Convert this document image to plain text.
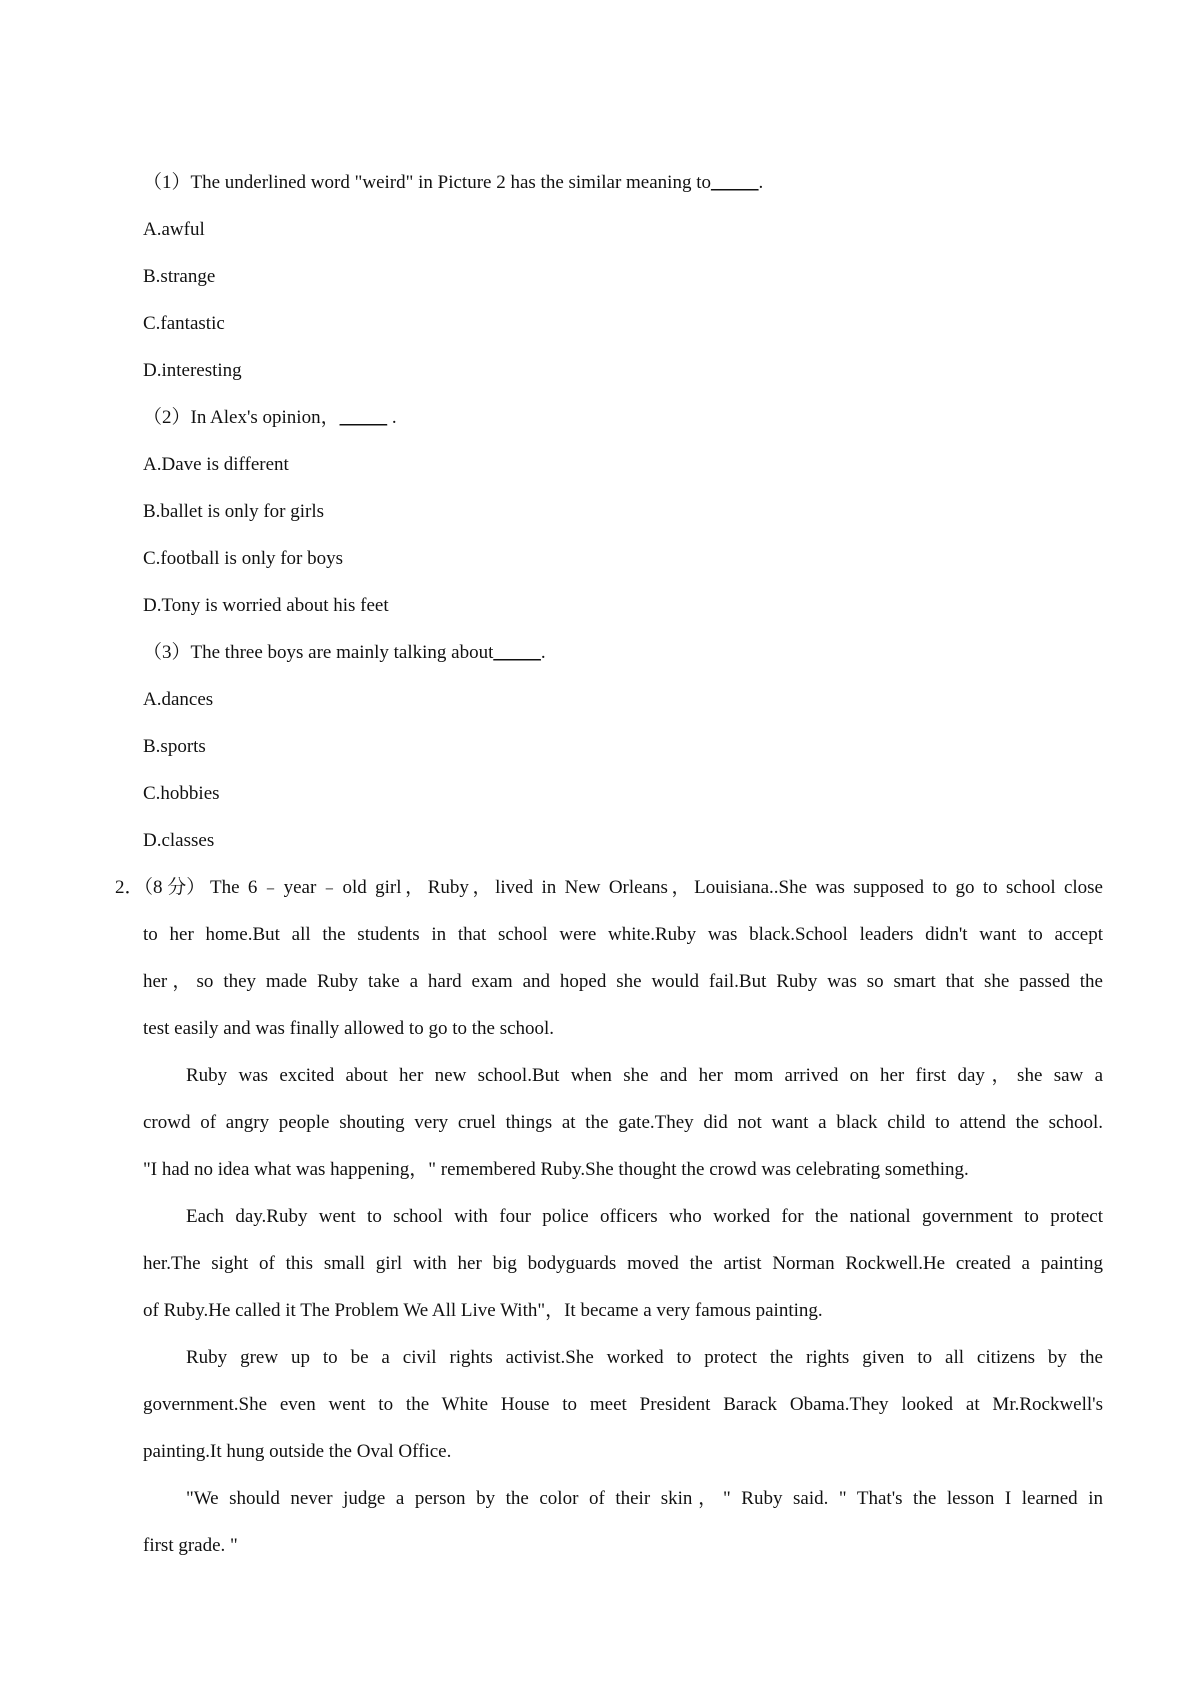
（1）The underlined word "weird" in Picture 2 has the similar meaning to_____.
A.awful
B.strange
C.fantastic
D.interesting
（2）In Alex's opinion，_____ .
A.Dave is different
B.ballet is only for girls
C.football is only for boys
D.Tony is worried about his feet
（3）The three boys are mainly talking about_____.
A.dances
B.sports
C.hobbies
D.classes
2．（8 分） The 6﹣year﹣old girl，Ruby，lived in New Orleans，Louisiana..She was supposed to go to school close
to her home.But all the students in that school were white.Ruby was black.School leaders didn't want to accept
her，so they made Ruby take a hard exam and hoped she would fail.But Ruby was so smart that she passed the
test easily and was finally allowed to go to the school.
Ruby was excited about her new school.But when she and her mom arrived on her first day，she saw a
crowd of angry people shouting very cruel things at the gate.They did not want a black child to attend the school.
"I had no idea what was happening，" remembered Ruby.She thought the crowd was celebrating something.
Each day.Ruby went to school with four police officers who worked for the national government to protect
her.The sight of this small girl with her big bodyguards moved the artist Norman Rockwell.He created a painting
of Ruby.He called it The Problem We All Live With"，It became a very famous painting.
Ruby grew up to be a civil rights activist.She worked to protect the rights given to all citizens by the
government.She even went to the White House to meet President Barack Obama.They looked at Mr.Rockwell's
painting.It hung outside the Oval Office.
"We should never judge a person by the color of their skin，" Ruby said. " That's the lesson I learned in
first grade. "
